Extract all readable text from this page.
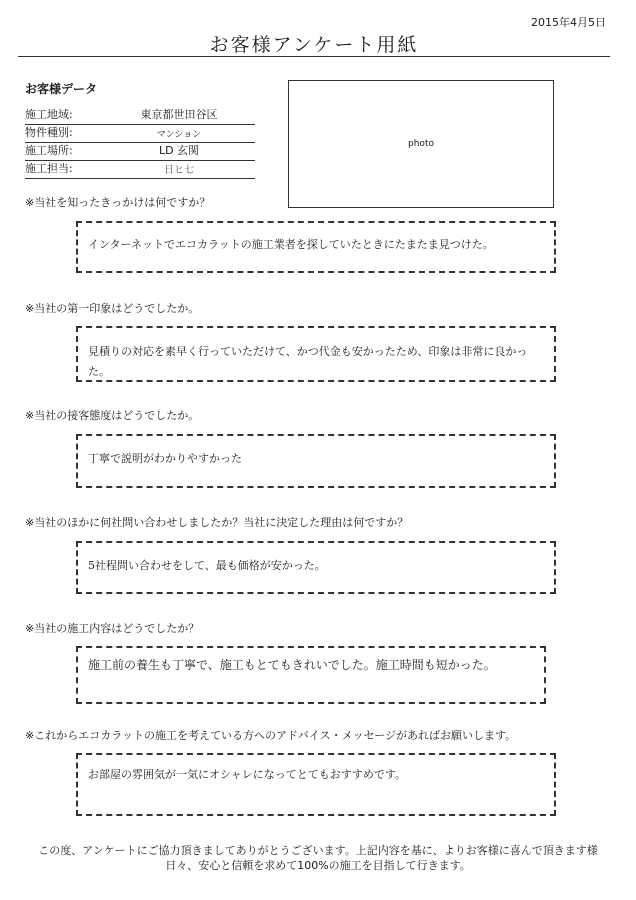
2015年4月5日
お客様アンケート用紙
お客様データ
施工地域:	東京都世田谷区
物件種別:	マンション
施工場所:	LD 玄関
施工担当:	日ヒ七
photo
※当社を知ったきっかけは何ですか？
インターネットでエコカラットの施工業者を探していたときにたまたま見つけた。
※当社の第一印象はどうでしたか。
見積りの対応を素早く行っていただけて、かつ代金も安かったため、印象は非常に良かった。
※当社の接客態度はどうでしたか。
丁寧で説明がわかりやすかった
※当社のほかに何社問い合わせしましたか？当社に決定した理由は何ですか？
5社程問い合わせをして、最も価格が安かった。
※当社の施工内容はどうでしたか？
施工前の養生も丁寧で、施工もとてもきれいでした。施工時間も短かった。
※これからエコカラットの施工を考えている方へのアドバイス・メッセージがあればお願いします。
お部屋の雰囲気が一気にオシャレになってとてもおすすめです。
この度、アンケートにご協力頂きましてありがとうございます。上記内容を基に、よりお客様に喜んで頂きます様
日々、安心と信頼を求めて100%の施工を目指して行きます。
